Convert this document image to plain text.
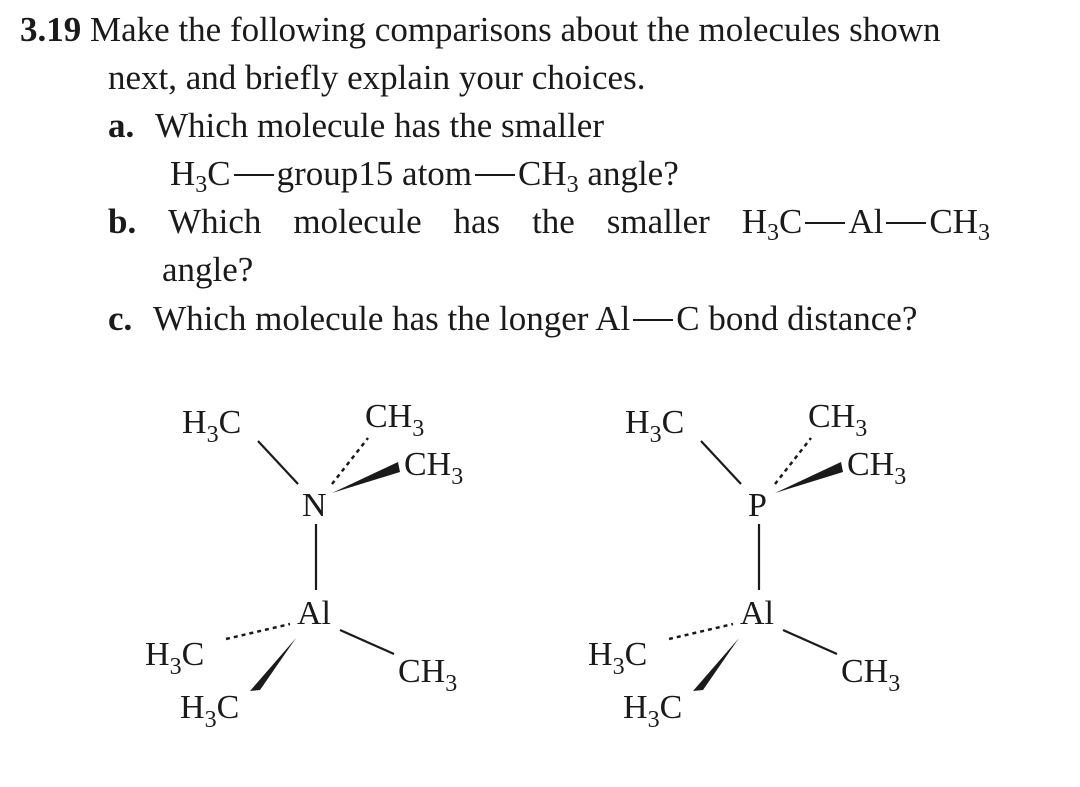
3.19 Make the following comparisons about the molecules shown
next, and briefly explain your choices.
a. Which molecule has the smaller
$H_3C$ group15 atom $CH_3$ angle?
b. Which molecule has the smaller $H_3C$ Al $CH_3$
angle?
c. Which molecule has the longer Al C bond distance?
$H_3C$	$CH_3$
$CH_3$
N
Al
$H_3C$
$H_3C$
$CH_3$
$H_3C$	$CH_3$
$CH_3$
P
Al
$H_3C$
$H_3C$
$CH_3$
